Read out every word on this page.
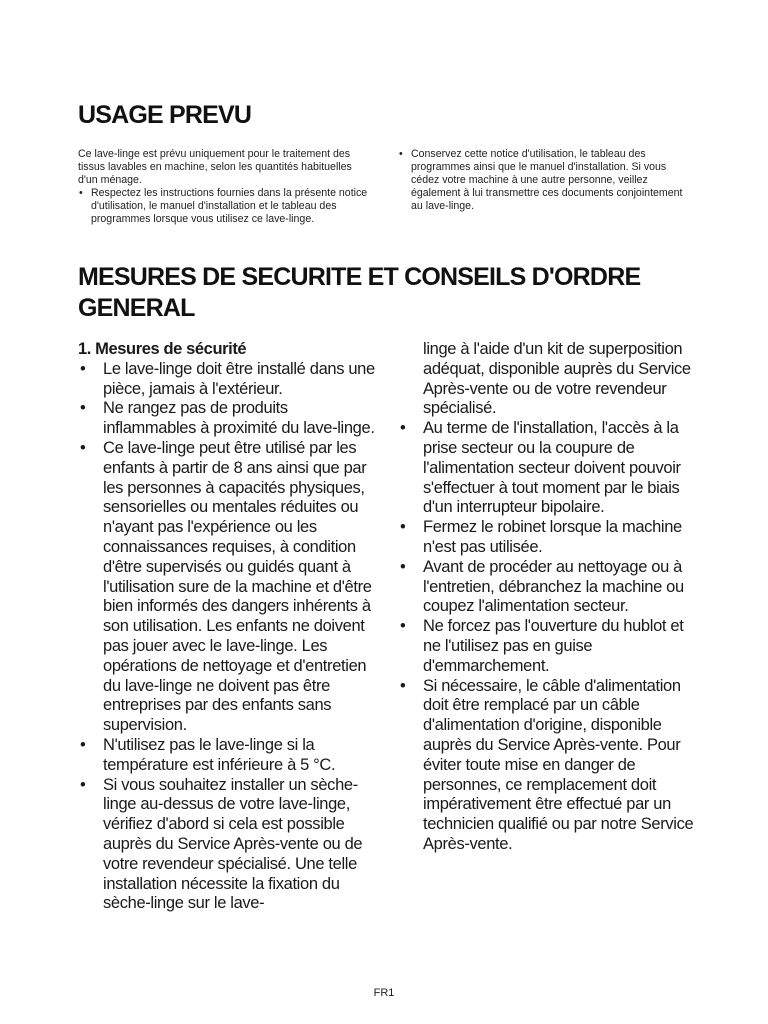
USAGE PREVU

Ce lave-linge est prévu uniquement pour le traitement des tissus lavables en machine, selon les quantités habituelles d'un ménage.

• Respectez les instructions fournies dans la présente notice d'utilisation, le manuel d'installation et le tableau des programmes lorsque vous utilisez ce lave-linge.
• Conservez cette notice d'utilisation, le tableau des programmes ainsi que le manuel d'installation. Si vous cédez votre machine à une autre personne, veillez également à lui transmettre ces documents conjointement au lave-linge.
MESURES DE SECURITE ET CONSEILS D'ORDRE GENERAL
1. Mesures de sécurité
• Le lave-linge doit être installé dans une pièce, jamais à l'extérieur.
• Ne rangez pas de produits inflammables à proximité du lave-linge.
• Ce lave-linge peut être utilisé par les enfants à partir de 8 ans ainsi que par les personnes à capacités physiques, sensorielles ou mentales réduites ou n'ayant pas l'expérience ou les connaissances requises, à condition d'être supervisés ou guidés quant à l'utilisation sure de la machine et d'être bien informés des dangers inhérents à son utilisation. Les enfants ne doivent pas jouer avec le lave-linge. Les opérations de nettoyage et d'entretien du lave-linge ne doivent pas être entreprises par des enfants sans supervision.
• N'utilisez pas le lave-linge si la température est inférieure à 5 °C.
• Si vous souhaitez installer un sèche-linge au-dessus de votre lave-linge, vérifiez d'abord si cela est possible auprès du Service Après-vente ou de votre revendeur spécialisé. Une telle installation nécessite la fixation du sèche-linge sur le lave-
linge à l'aide d'un kit de superposition adéquat, disponible auprès du Service Après-vente ou de votre revendeur spécialisé.
• Au terme de l'installation, l'accès à la prise secteur ou la coupure de l'alimentation secteur doivent pouvoir s'effectuer à tout moment par le biais d'un interrupteur bipolaire.
• Fermez le robinet lorsque la machine n'est pas utilisée.
• Avant de procéder au nettoyage ou à l'entretien, débranchez la machine ou coupez l'alimentation secteur.
• Ne forcez pas l'ouverture du hublot et ne l'utilisez pas en guise d'emmarchement.
• Si nécessaire, le câble d'alimentation doit être remplacé par un câble d'alimentation d'origine, disponible auprès du Service Après-vente. Pour éviter toute mise en danger de personnes, ce remplacement doit impérativement être effectué par un technicien qualifié ou par notre Service Après-vente.
FR1
